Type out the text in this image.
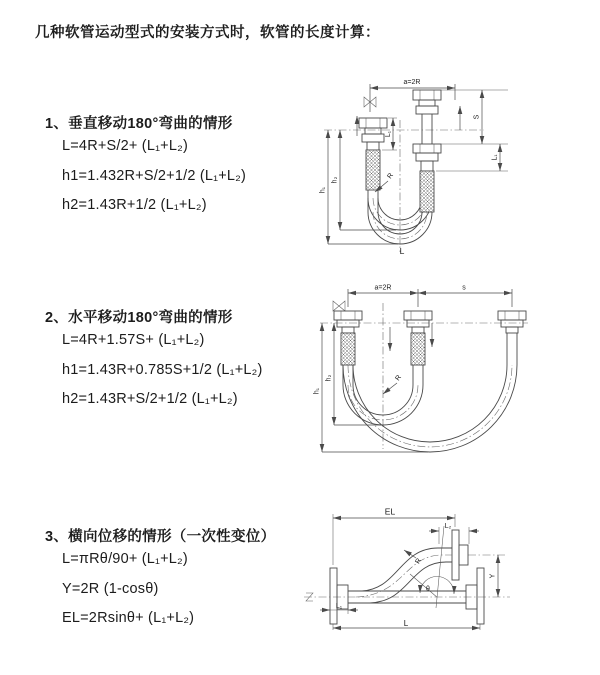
几种软管运动型式的安装方式时，软管的长度计算：
1、垂直移动180°弯曲的情形
L=4R+S/2+ (L₁+L₂)
h1=1.432R+S/2+1/2 (L₁+L₂)
h2=1.43R+1/2 (L₁+L₂)
2、水平移动180°弯曲的情形
L=4R+1.57S+ (L₁+L₂)
h1=1.43R+0.785S+1/2 (L₁+L₂)
h2=1.43R+S/2+1/2 (L₁+L₂)
3、横向位移的情形（一次性变位）
L=πRθ/90+ (L₁+L₂)
Y=2R (1-cosθ)
EL=2Rsinθ+ (L₁+L₂)
a=2R
h₁
h₂
L₁
S
L₁
R
L
a=2R	s
h₁
h₂	R
θ
R
EL
L₂
Y
L₁
L
